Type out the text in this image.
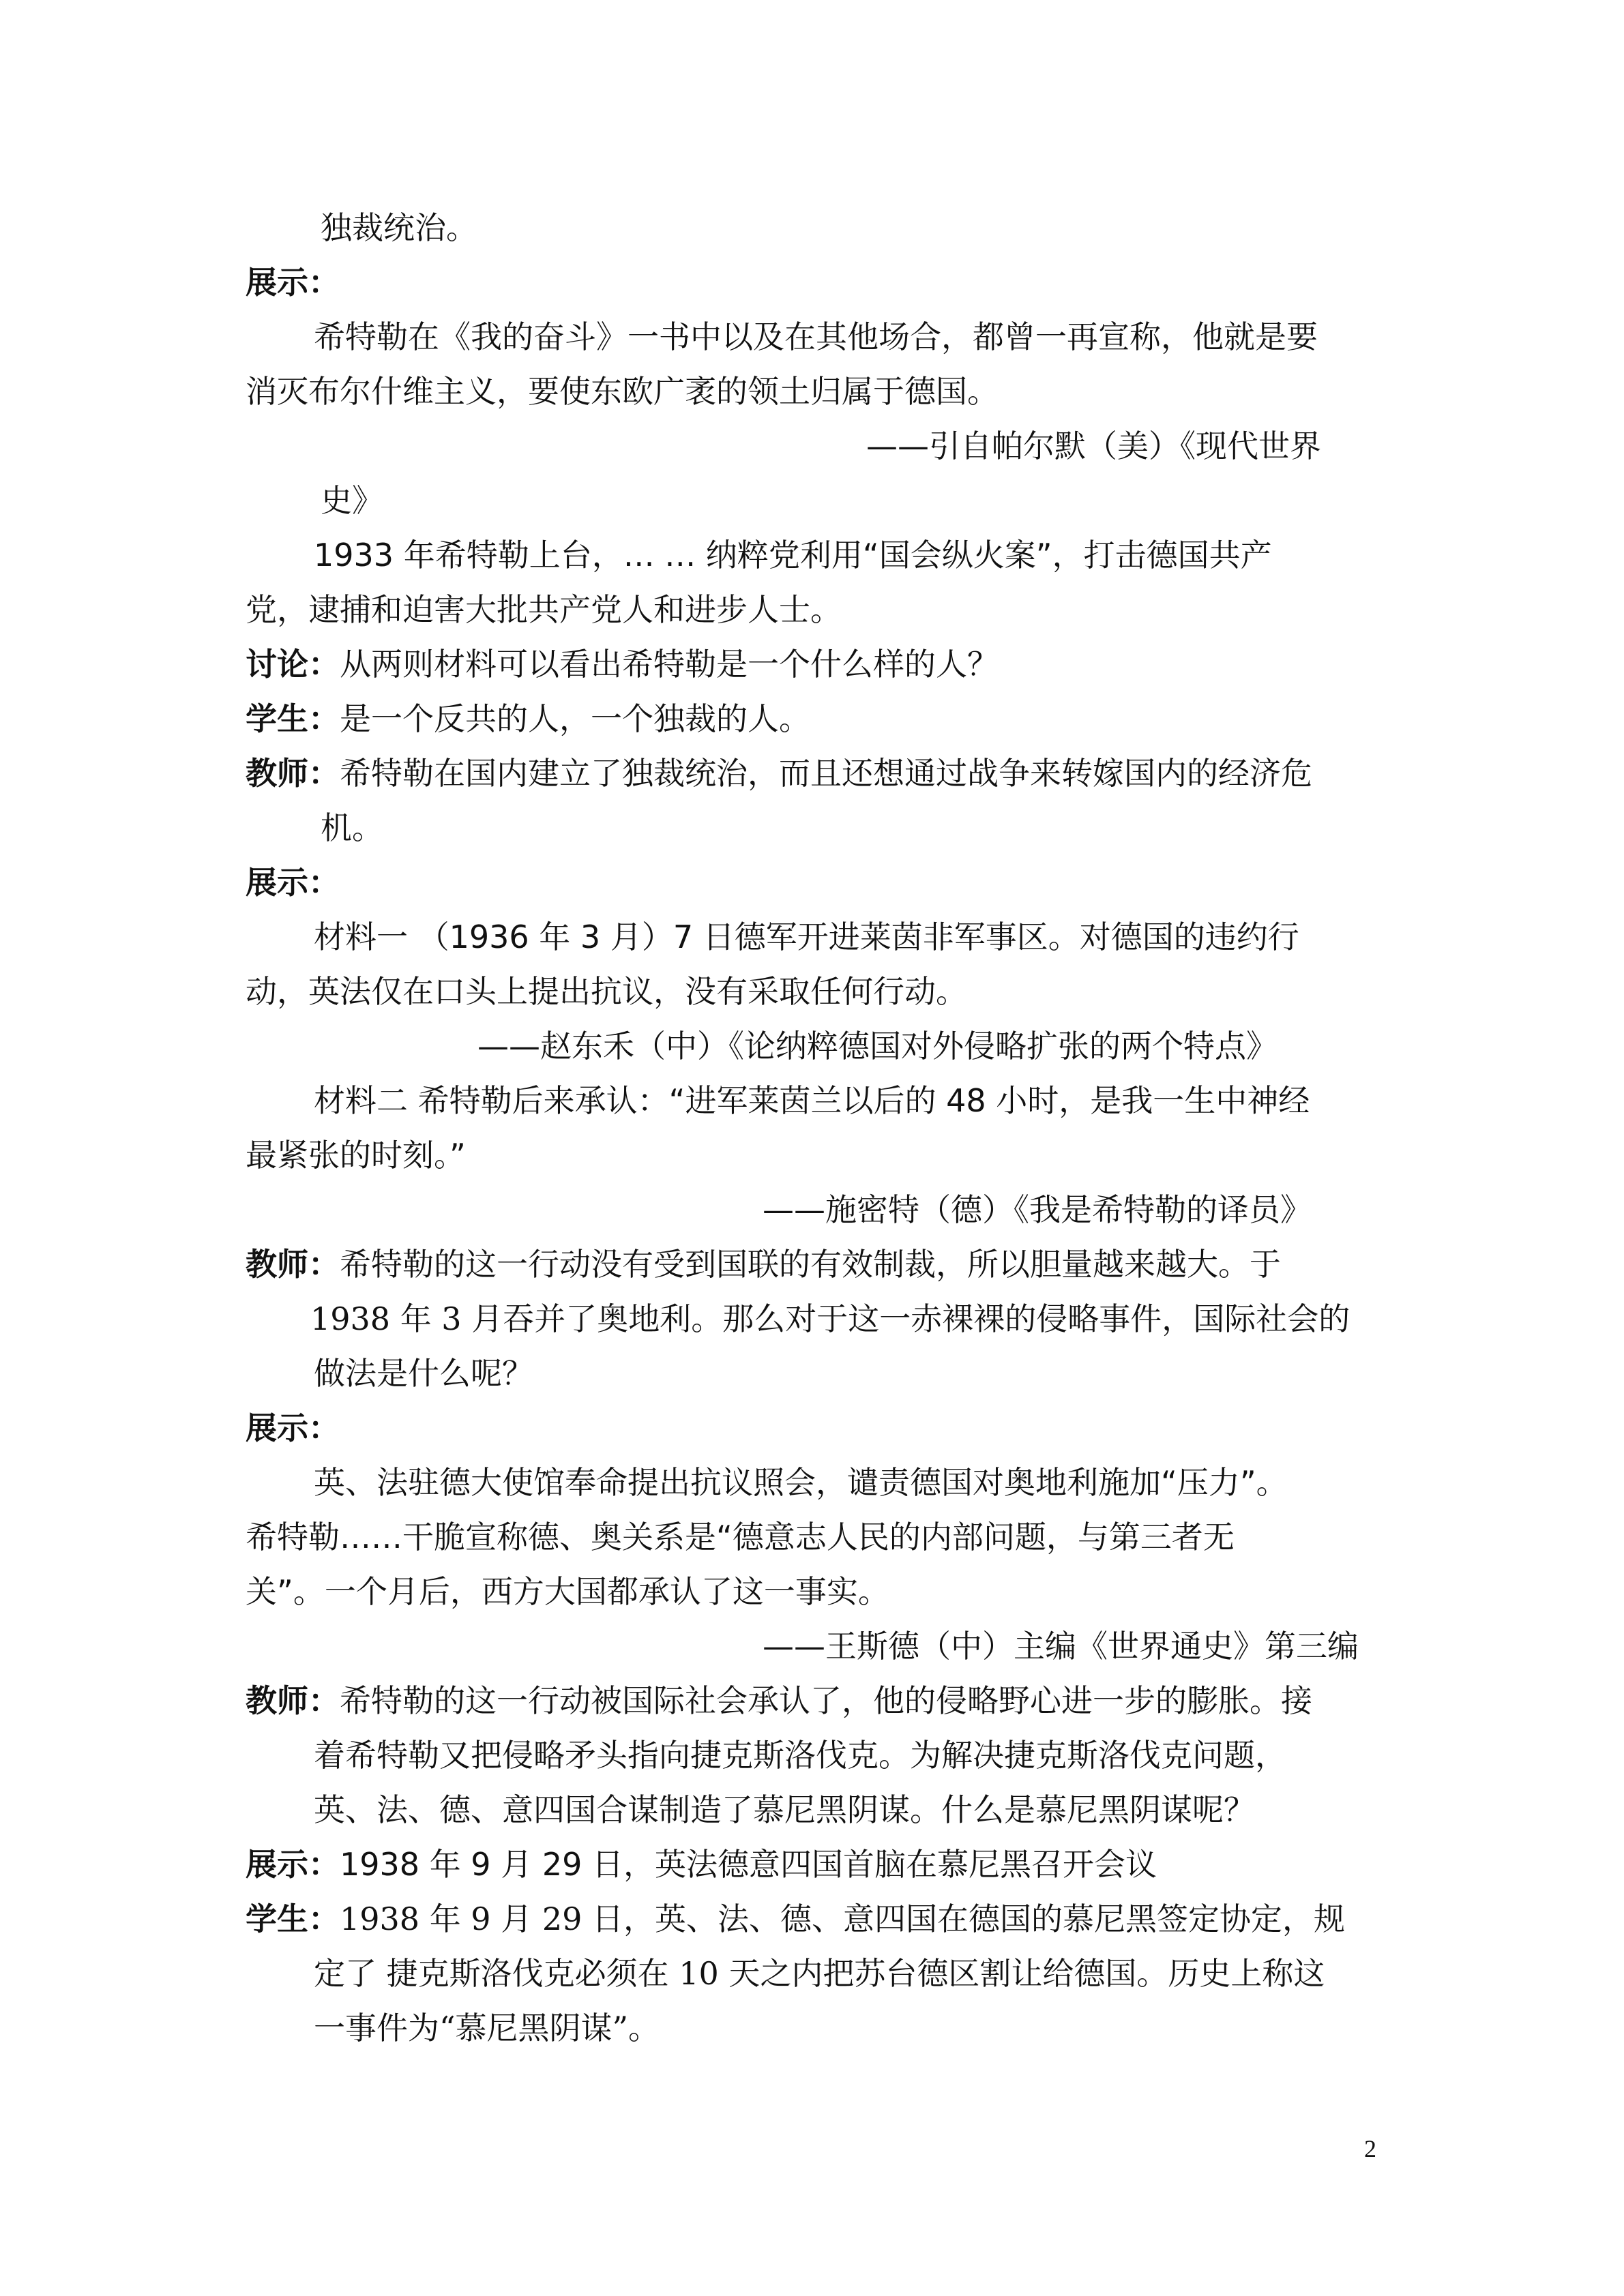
独裁统治。
展示：
希特勒在《我的奋斗》一书中以及在其他场合，都曾一再宣称，他就是要
消灭布尔什维主义，要使东欧广袤的领土归属于德国。
——引自帕尔默（美）《现代世界
史》
1933 年希特勒上台，… … 纳粹党利用“国会纵火案”，打击德国共产
党，逮捕和迫害大批共产党人和进步人士。
讨论：从两则材料可以看出希特勒是一个什么样的人？
学生：是一个反共的人，一个独裁的人。
教师：希特勒在国内建立了独裁统治，而且还想通过战争来转嫁国内的经济危
机。
展示：
材料一 （1936 年 3 月）7 日德军开进莱茵非军事区。对德国的违约行
动，英法仅在口头上提出抗议，没有采取任何行动。
——赵东禾（中）《论纳粹德国对外侵略扩张的两个特点》
材料二 希特勒后来承认：“进军莱茵兰以后的 48 小时，是我一生中神经
最紧张的时刻。”
——施密特（德）《我是希特勒的译员》
教师：希特勒的这一行动没有受到国联的有效制裁，所以胆量越来越大。于
1938 年 3 月吞并了奥地利。那么对于这一赤裸裸的侵略事件，国际社会的
做法是什么呢？
展示：
英、法驻德大使馆奉命提出抗议照会，谴责德国对奥地利施加“压力”。
希特勒……干脆宣称德、奥关系是“德意志人民的内部问题，与第三者无
关”。一个月后，西方大国都承认了这一事实。
——王斯德（中）主编《世界通史》第三编
教师：希特勒的这一行动被国际社会承认了，他的侵略野心进一步的膨胀。接
着希特勒又把侵略矛头指向捷克斯洛伐克。为解决捷克斯洛伐克问题，
英、法、德、意四国合谋制造了慕尼黑阴谋。什么是慕尼黑阴谋呢？
展示：1938 年 9 月 29 日，英法德意四国首脑在慕尼黑召开会议
学生：1938 年 9 月 29 日，英、法、德、意四国在德国的慕尼黑签定协定，规
定了 捷克斯洛伐克必须在 10 天之内把苏台德区割让给德国。历史上称这
一事件为“慕尼黑阴谋”。
2
